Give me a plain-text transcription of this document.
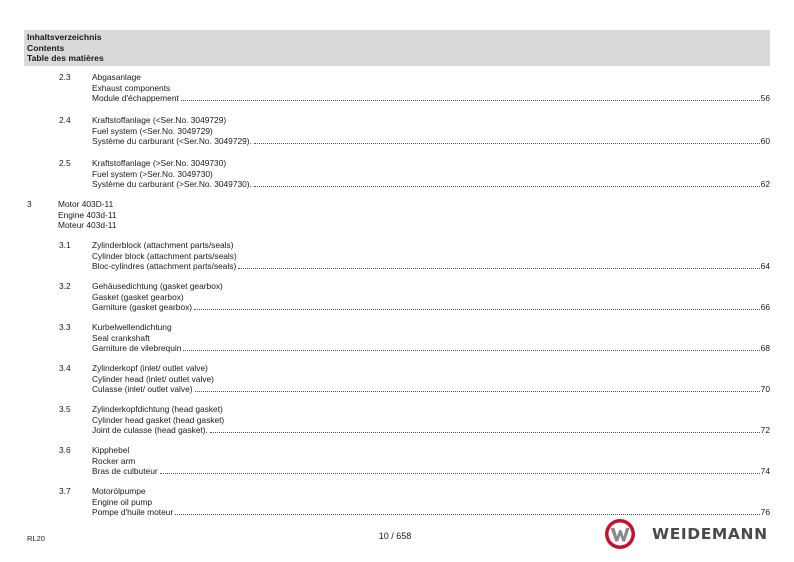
Inhaltsverzeichnis
Contents
Table des matières
2.3	Abgasanlage
Exhaust components
Module d'échappement	56
2.4	Kraftstoffanlage (<Ser.No. 3049729)
Fuel system (<Ser.No. 3049729)
Système du carburant (<Ser.No. 3049729).	60
2.5	Kraftstoffanlage (>Ser.No. 3049730)
Fuel system (>Ser.No. 3049730)
Système du carburant (>Ser.No. 3049730).	62
3	Motor 403D-11
Engine 403d-11
Moteur 403d-11
3.1	Zylinderblock (attachment parts/seals)
Cylinder block (attachment parts/seals)
Bloc-cylindres (attachment parts/seals)	64
3.2	Gehäusedichtung (gasket gearbox)
Gasket (gasket gearbox)
Garniture (gasket gearbox)	66
3.3	Kurbelwellendichtung
Seal crankshaft
Garniture de vilebrequin	68
3.4	Zylinderkopf (inlet/ outlet valve)
Cylinder head (inlet/ outlet valve)
Culasse (inlet/ outlet valve)	70
3.5	Zylinderkopfdichtung (head gasket)
Cylinder head gasket (head gasket)
Joint de culasse (head gasket).	72
3.6	Kipphebel
Rocker arm
Bras de culbuteur	74
3.7	Motorölpumpe
Engine oil pump
Pompe d'huile moteur	76
RL20	10 / 658	WEIDEMANN
